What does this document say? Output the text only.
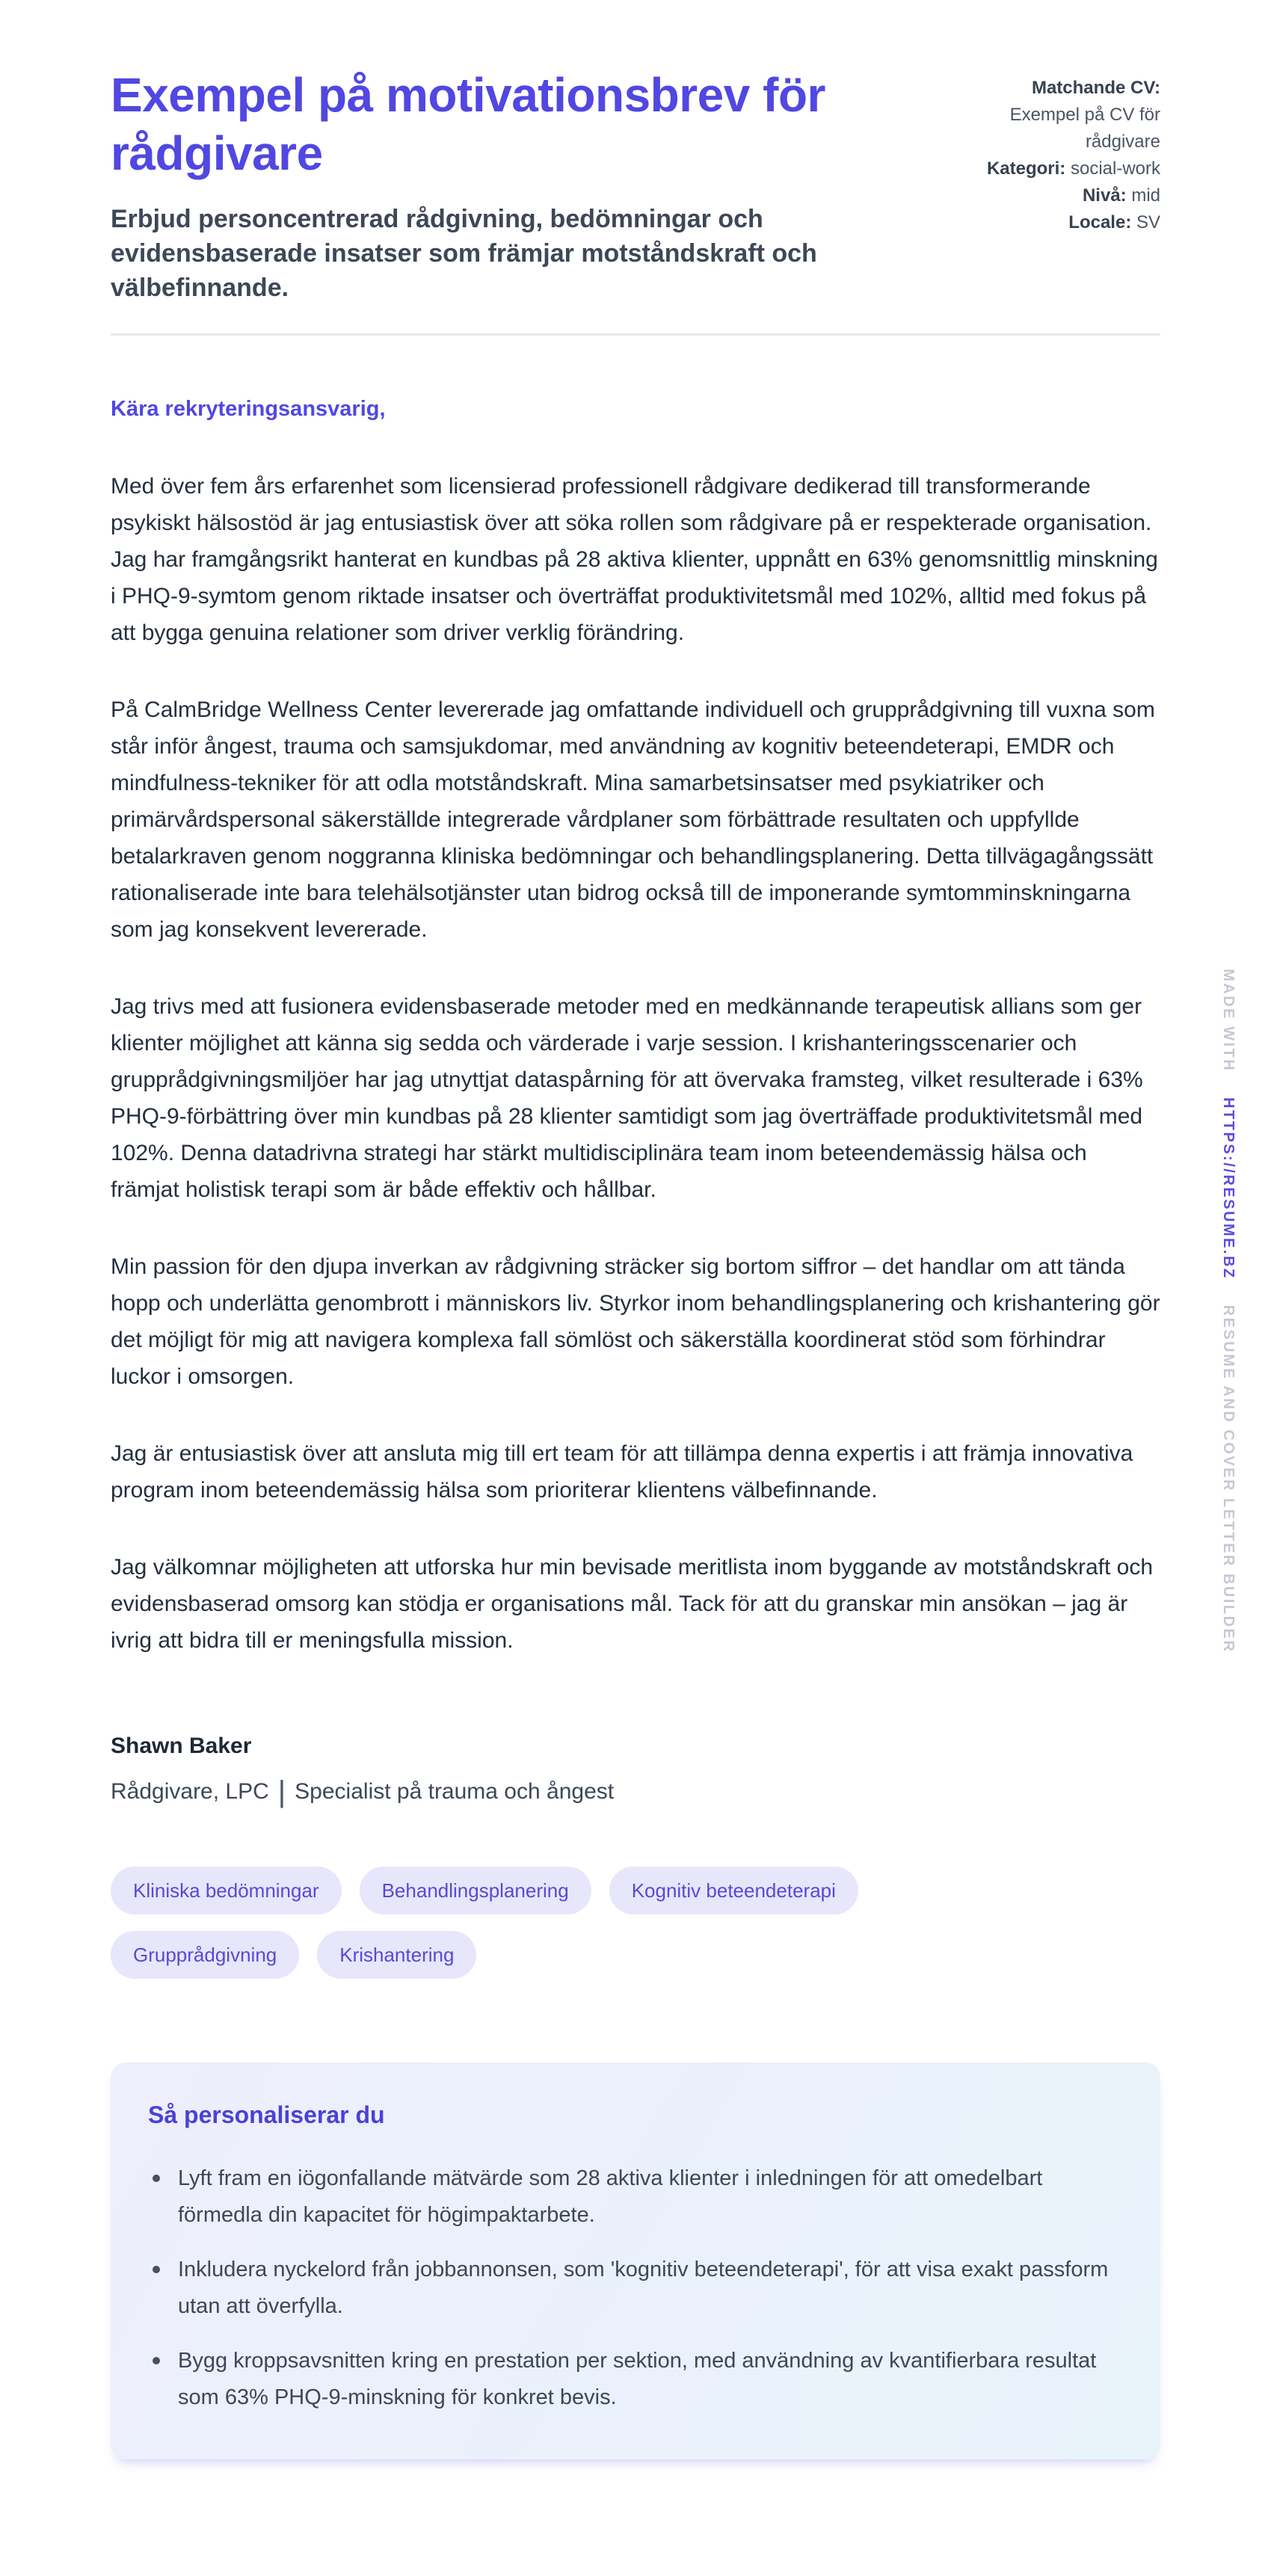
Exempel på motivationsbrev för rådgivare

Erbjud personcentrerad rådgivning, bedömningar och evidensbaserade insatser som främjar motståndskraft och välbefinnande.

Matchande CV:
Exempel på CV för rådgivare
Kategori: social-work
Nivå: mid
Locale: SV

Kära rekryteringsansvarig,

Med över fem års erfarenhet som licensierad professionell rådgivare dedikerad till transformerande psykiskt hälsostöd är jag entusiastisk över att söka rollen som rådgivare på er respekterade organisation. Jag har framgångsrikt hanterat en kundbas på 28 aktiva klienter, uppnått en 63% genomsnittlig minskning i PHQ-9-symtom genom riktade insatser och överträffat produktivitetsmål med 102%, alltid med fokus på att bygga genuina relationer som driver verklig förändring.

På CalmBridge Wellness Center levererade jag omfattande individuell och grupprådgivning till vuxna som står inför ångest, trauma och samsjukdomar, med användning av kognitiv beteendeterapi, EMDR och mindfulness-tekniker för att odla motståndskraft. Mina samarbetsinsatser med psykiatriker och primärvårdspersonal säkerställde integrerade vårdplaner som förbättrade resultaten och uppfyllde betalarkraven genom noggranna kliniska bedömningar och behandlingsplanering. Detta tillvägagångssätt rationaliserade inte bara telehälsotjänster utan bidrog också till de imponerande symtomminskningarna som jag konsekvent levererade.

Jag trivs med att fusionera evidensbaserade metoder med en medkännande terapeutisk allians som ger klienter möjlighet att känna sig sedda och värderade i varje session. I krishanteringsscenarier och grupprådgivningsmiljöer har jag utnyttjat dataspårning för att övervaka framsteg, vilket resulterade i 63% PHQ-9-förbättring över min kundbas på 28 klienter samtidigt som jag överträffade produktivitetsmål med 102%. Denna datadrivna strategi har stärkt multidisciplinära team inom beteendemässig hälsa och främjat holistisk terapi som är både effektiv och hållbar.

Min passion för den djupa inverkan av rådgivning sträcker sig bortom siffror – det handlar om att tända hopp och underlätta genombrott i människors liv. Styrkor inom behandlingsplanering och krishantering gör det möjligt för mig att navigera komplexa fall sömlöst och säkerställa koordinerat stöd som förhindrar luckor i omsorgen.

Jag är entusiastisk över att ansluta mig till ert team för att tillämpa denna expertis i att främja innovativa program inom beteendemässig hälsa som prioriterar klientens välbefinnande.

Jag välkomnar möjligheten att utforska hur min bevisade meritlista inom byggande av motståndskraft och evidensbaserad omsorg kan stödja er organisations mål. Tack för att du granskar min ansökan – jag är ivrig att bidra till er meningsfulla mission.

Shawn Baker

Rådgivare, LPC | Specialist på trauma och ångest

Kliniska bedömningar	Behandlingsplanering	Kognitiv beteendeterapi
Grupprådgivning	Krishantering
Så personaliserar du
Lyft fram en iögonfallande mätvärde som 28 aktiva klienter i inledningen för att omedelbart förmedla din kapacitet för högimpaktarbete.
Inkludera nyckelord från jobbannonsen, som 'kognitiv beteendeterapi', för att visa exakt passform utan att överfylla.
Bygg kroppsavsnitten kring en prestation per sektion, med användning av kvantifierbara resultat som 63% PHQ-9-minskning för konkret bevis.
MADE WITHHTTPS://RESUME.BZRESUME AND COVER LETTER BUILDER
